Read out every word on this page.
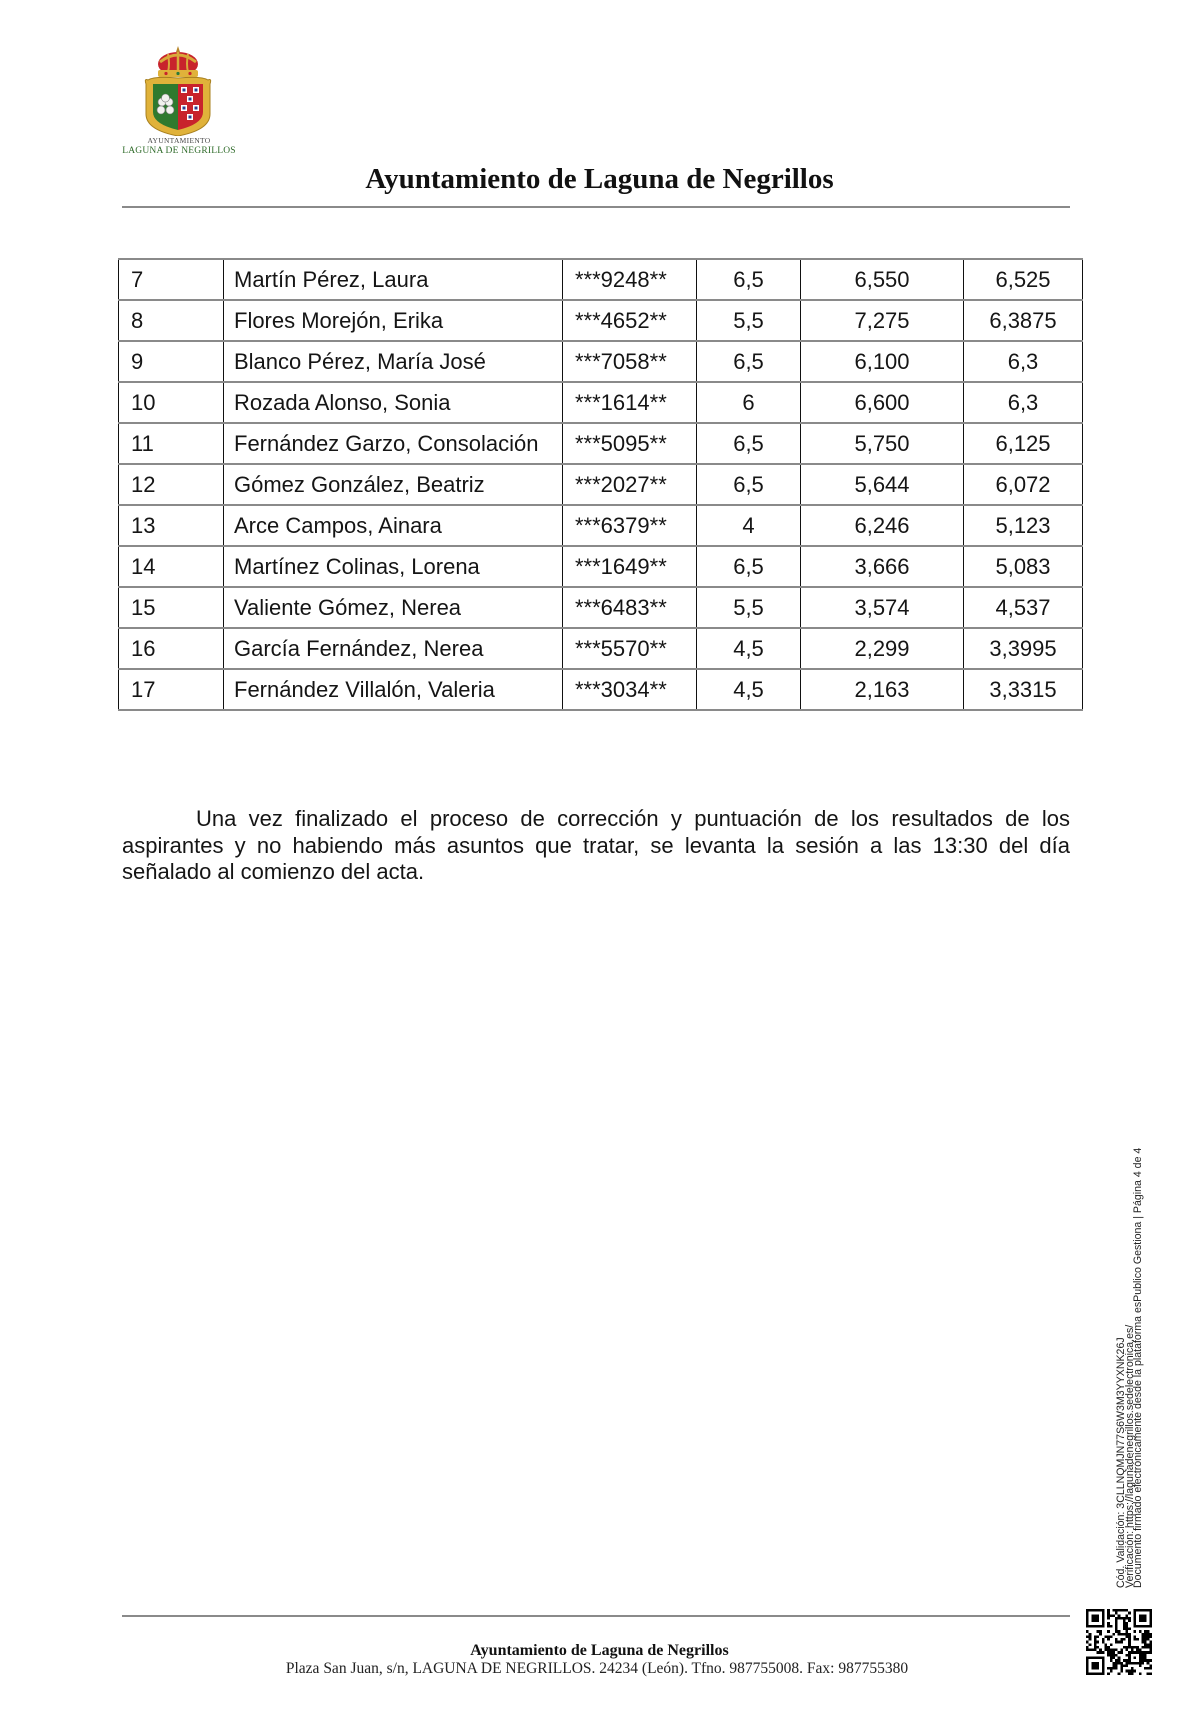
AYUNTAMIENTO
LAGUNA DE NEGRILLOS
Ayuntamiento de Laguna de Negrillos
7	Martín Pérez, Laura	***9248**	6,5	6,550	6,525
8	Flores Morejón, Erika	***4652**	5,5	7,275	6,3875
9	Blanco Pérez, María José	***7058**	6,5	6,100	6,3
10	Rozada Alonso, Sonia	***1614**	6	6,600	6,3
11	Fernández Garzo, Consolación	***5095**	6,5	5,750	6,125
12	Gómez González, Beatriz	***2027**	6,5	5,644	6,072
13	Arce Campos, Ainara	***6379**	4	6,246	5,123
14	Martínez Colinas, Lorena	***1649**	6,5	3,666	5,083
15	Valiente Gómez, Nerea	***6483**	5,5	3,574	4,537
16	García Fernández, Nerea	***5570**	4,5	2,299	3,3995
17	Fernández Villalón, Valeria	***3034**	4,5	2,163	3,3315

Una vez finalizado el proceso de corrección y puntuación de los resultados de los aspirantes y no habiendo más asuntos que tratar, se levanta la sesión a las 13:30 del día señalado al comienzo del acta.

Cód. Validación: 3CLLNQMJN77S6W3M3YYXNK26J
Verificación: https://lagunadenegrillos.sedelectronica.es/
Documento firmado electrónicamente desde la plataforma esPublico Gestiona | Página 4 de 4
Ayuntamiento de Laguna de Negrillos
Plaza San Juan, s/n, LAGUNA DE NEGRILLOS. 24234 (León). Tfno. 987755008. Fax: 987755380
